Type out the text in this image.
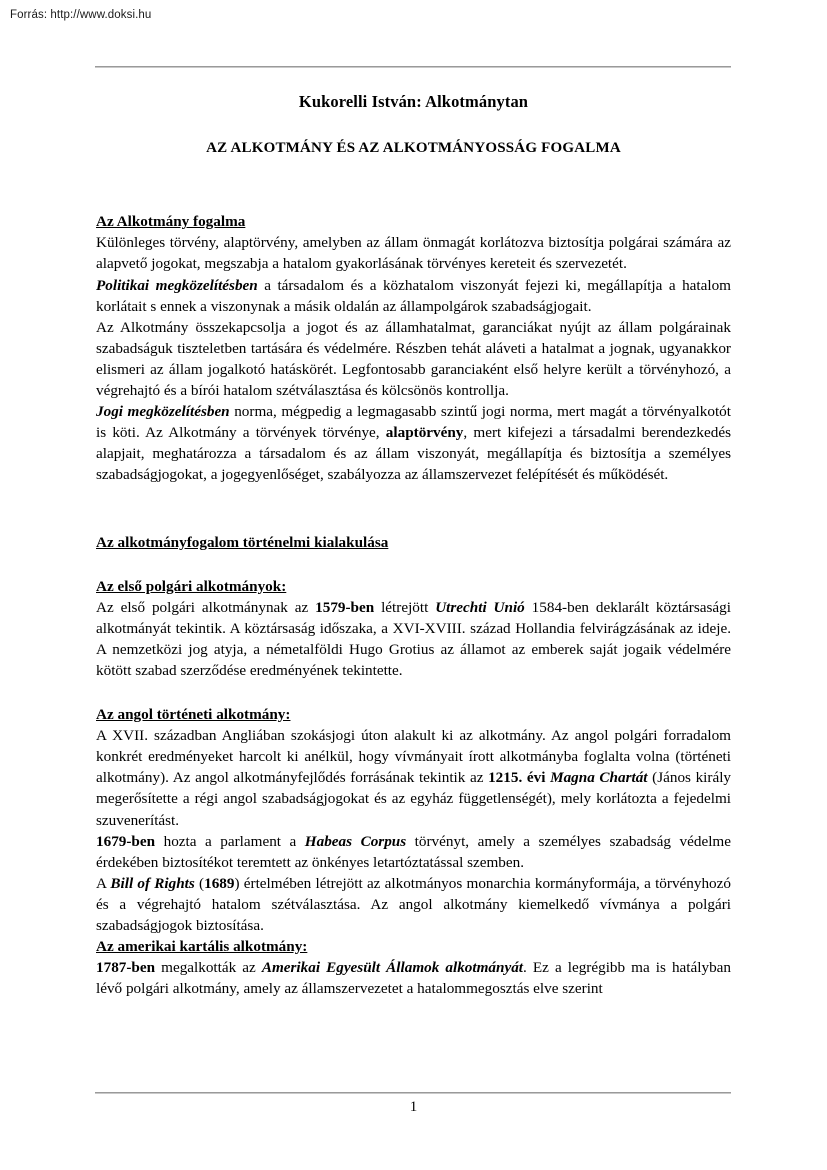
Forrás: http://www.doksi.hu
Kukorelli István: Alkotmánytan
AZ ALKOTMÁNY ÉS AZ ALKOTMÁNYOSSÁG FOGALMA
Az Alkotmány fogalma

Különleges törvény, alaptörvény, amelyben az állam önmagát korlátozva biztosítja polgárai számára az alapvető jogokat, megszabja a hatalom gyakorlásának törvényes kereteit és szervezetét.

Politikai megközelítésben a társadalom és a közhatalom viszonyát fejezi ki, megállapítja a hatalom korlátait s ennek a viszonynak a másik oldalán az állampolgárok szabadságjogait.

Az Alkotmány összekapcsolja a jogot és az államhatalmat, garanciákat nyújt az állam polgárainak szabadságuk tiszteletben tartására és védelmére. Részben tehát aláveti a hatalmat a jognak, ugyanakkor elismeri az állam jogalkotó hatáskörét. Legfontosabb garanciaként első helyre került a törvényhozó, a végrehajtó és a bírói hatalom szétválasztása és kölcsönös kontrollja.

Jogi megközelítésben norma, mégpedig a legmagasabb szintű jogi norma, mert magát a törvényalkotót is köti. Az Alkotmány a törvények törvénye, alaptörvény, mert kifejezi a társadalmi berendezkedés alapjait, meghatározza a társadalom és az állam viszonyát, megállapítja és biztosítja a személyes szabadságjogokat, a jogegyenlőséget, szabályozza az államszervezet felépítését és működését.

Az alkotmányfogalom történelmi kialakulása
Az első polgári alkotmányok:

Az első polgári alkotmánynak az 1579-ben létrejött Utrechti Unió 1584-ben deklarált köztársasági alkotmányát tekintik. A köztársaság időszaka, a XVI-XVIII. század Hollandia felvirágzásának az ideje. A nemzetközi jog atyja, a németalföldi Hugo Grotius az államot az emberek saját jogaik védelmére kötött szabad szerződése eredményének tekintette.

Az angol történeti alkotmány:

A XVII. században Angliában szokásjogi úton alakult ki az alkotmány. Az angol polgári forradalom konkrét eredményeket harcolt ki anélkül, hogy vívmányait írott alkotmányba foglalta volna (történeti alkotmány). Az angol alkotmányfejlődés forrásának tekintik az 1215. évi Magna Chartát (János király megerősítette a régi angol szabadságjogokat és az egyház függetlenségét), mely korlátozta a fejedelmi szuvenerítást.

1679-ben hozta a parlament a Habeas Corpus törvényt, amely a személyes szabadság védelme érdekében biztosítékot teremtett az önkényes letartóztatással szemben.

A Bill of Rights (1689) értelmében létrejött az alkotmányos monarchia kormányformája, a törvényhozó és a végrehajtó hatalom szétválasztása. Az angol alkotmány kiemelkedő vívmánya a polgári szabadságjogok biztosítása.

Az amerikai kartális alkotmány:

1787-ben megalkották az Amerikai Egyesült Államok alkotmányát. Ez a legrégibb ma is hatályban lévő polgári alkotmány, amely az államszervezetet a hatalommegosztás elve szerint

1
